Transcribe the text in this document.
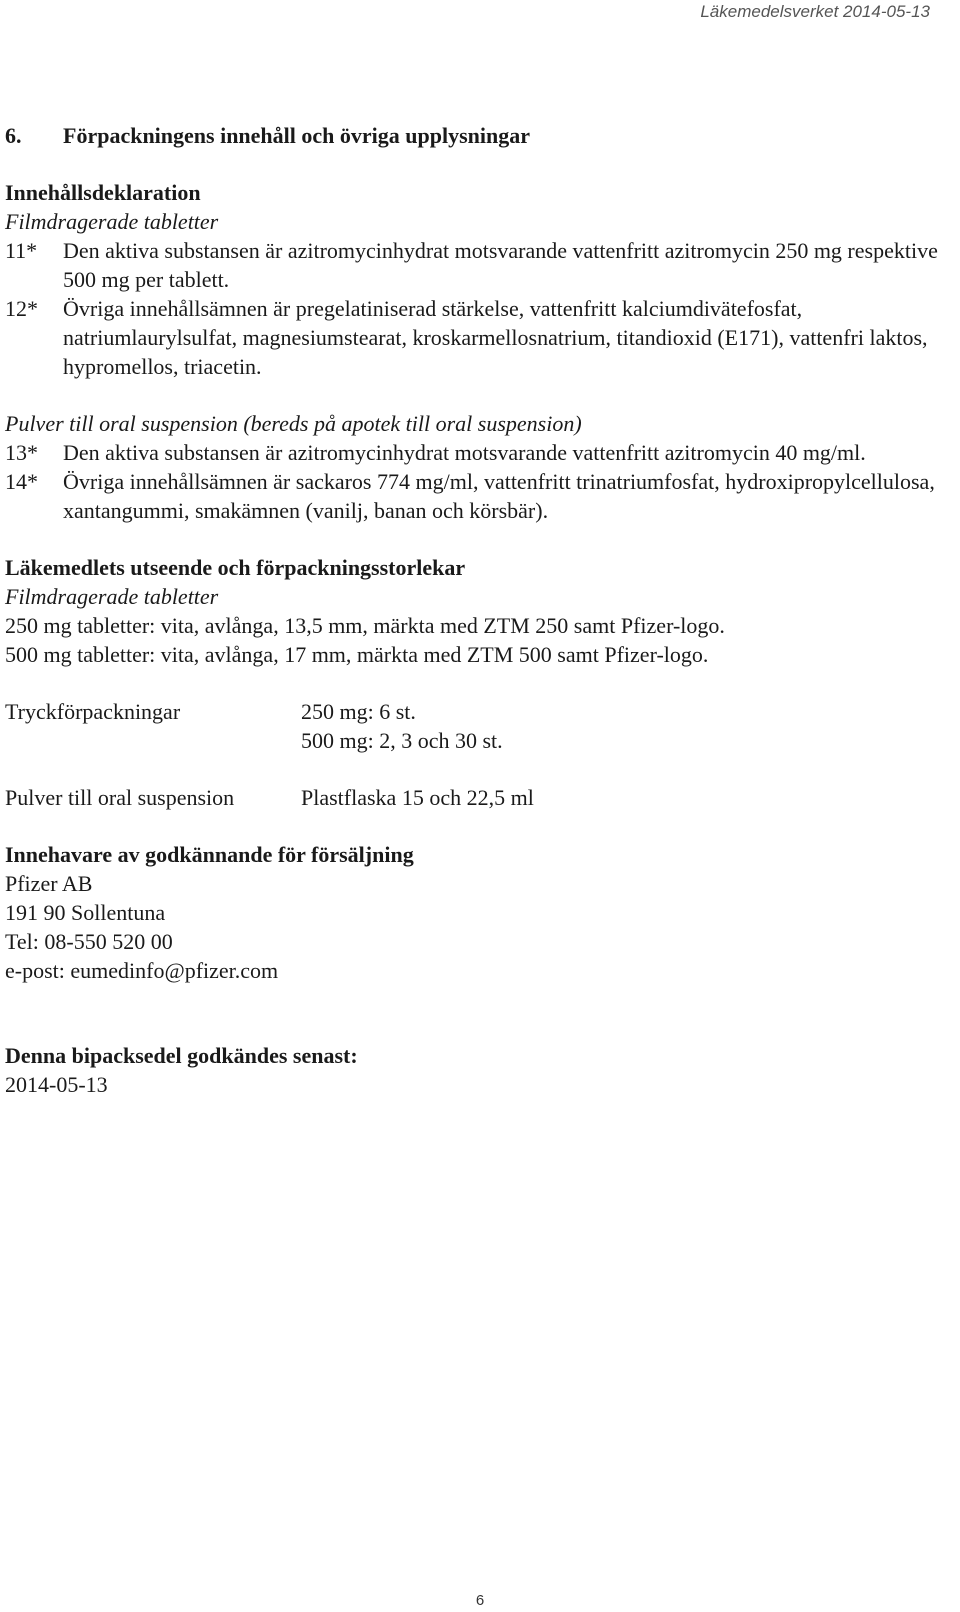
Läkemedelsverket 2014-05-13
6.	Förpackningens innehåll och övriga upplysningar
Innehållsdeklaration
Filmdragerade tabletter
11*	Den aktiva substansen är azitromycinhydrat motsvarande vattenfritt azitromycin 250 mg respektive 500 mg per tablett.
12*	Övriga innehållsämnen är pregelatiniserad stärkelse, vattenfritt kalciumdivätefosfat, natriumlaurylsulfat, magnesiumstearat, kroskarmellosnatrium, titandioxid (E171), vattenfri laktos, hypromellos, triacetin.
Pulver till oral suspension (bereds på apotek till oral suspension)
13*	Den aktiva substansen är azitromycinhydrat motsvarande vattenfritt azitromycin 40 mg/ml.
14*	Övriga innehållsämnen är sackaros 774 mg/ml, vattenfritt trinatriumfosfat, hydroxipropylcellulosa, xantangummi, smakämnen (vanilj, banan och körsbär).
Läkemedlets utseende och förpackningsstorlekar
Filmdragerade tabletter
250 mg tabletter: vita, avlånga, 13,5 mm, märkta med ZTM 250 samt Pfizer-logo.
500 mg tabletter: vita, avlånga, 17 mm, märkta med ZTM 500 samt Pfizer-logo.
Tryckförpackningar	250 mg: 6 st.
500 mg: 2, 3 och 30 st.
Pulver till oral suspension	Plastflaska 15 och 22,5 ml
Innehavare av godkännande för försäljning
Pfizer AB
191 90 Sollentuna
Tel: 08-550 520 00
e-post: eumedinfo@pfizer.com
Denna bipacksedel godkändes senast:
2014-05-13
6
